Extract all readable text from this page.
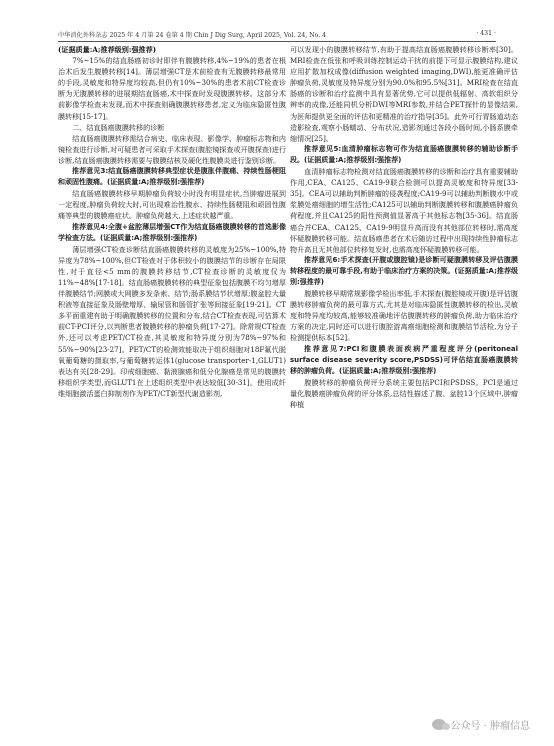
中华消化外科杂志 2025 年 4 月第 24 卷第 4 期 Chin J Dig Surg, April 2025, Vol. 24, No. 4	· 431 ·

(证据质量:A;推荐级别:强推荐)

7%~15%的结直肠癌初诊时即伴有腹膜转移,4%~19%的患者在根治术后发生腹膜转移[14]。薄层增强CT是术前检查有无腹膜转移最常用的手段,灵敏度和特异度均较高,但仍有10%~30%的患者术前CT检查诊断为无腹膜转移的进展期结直肠癌,术中探查时发现腹膜转移。这部分术前影像学检查未发现,而术中探查则确腹膜转移患者,定义为临床隐匿性腹膜转移[15-17]。

二、结直肠癌腹膜转移的诊断

结直肠癌腹膜转移需结合病史、临床表现、影像学、肿瘤标志物和内镜检查进行诊断,对可疑患者可采取手术探查(腹腔镜探查或开腹探查)进行诊断,结直肠癌腹膜转移需要与腹膜结核及硬化性腹膜炎进行鉴别诊断。

推荐意见3:结直肠癌腹膜转移典型症状是腹胀伴腹痛、持续性肠梗阻和顽固性腹痛。(证据质量:A;推荐级别:强推荐)

结直肠癌腹膜转移早期肿瘤负荷较小时没有明显症状,当肿瘤进展到一定程度,肿瘤负荷较大时,可出现难治性腹水、持续性肠梗阻和顽固性腹痛等典型的腹膜癌症状。肿瘤负荷越大,上述症状越严重。

推荐意见4:全腹+盆腔薄层增强CT作为结直肠癌腹膜转移的首选影像学检查方法。(证据质量:A;推荐级别:强推荐)

薄层增强CT检查诊断结直肠癌腹膜转移的灵敏度为25%~100%,特异度为78%~100%,但CT检查对于体积较小的腹膜结节的诊断存在局限性,对于直径<5 mm的腹膜转移结节,CT检查诊断的灵敏度仅为11%~48%[17-18]。结直肠癌腹膜转移的典型征象包括腹膜不均匀增厚伴腹膜结节;网膜或大网膜多发条索、结节;肠系膜结节状增厚;腹盆腔大量积液等直接征象及肠壁增厚、输尿管和肠管扩张等间接征象[19-21]。CT多平面重建有助于明确腹膜转移的位置和分布,结合CT检查表现,可估算术前CT-PCI评分,以判断患者腹膜转移的肿瘤负荷[17-27]。除常规CT检查外,还可以考虑PET/CT检查,其灵敏度和特异度分别为78%~97%和55%~90%[23-27]。PET/CT的检测效能取决于组织细胞对18F氟代脱氧葡萄糖的摄取率,与葡萄糖转运体1(glucose transporter-1,GLUT1)表达有关[28-29]。印戒细胞癌、黏液腺癌和低分化腺癌是常见的腹膜转移组织学类型,而GLUT1在上述组织类型中表达较低[30-31]。使用成纤维细胞激活蛋白抑制剂作为PET/CT新型代谢造影剂,

可以发现小的腹膜转移结节,有助于提高结直肠癌腹膜转移诊断率[30]。MRI检查在低张和呼吸训练控制运动干扰的前提下可显示腹膜结构,建议应用扩散加权成像(diffusion weighted imaging,DWI),能更准确评估肿瘤负荷,灵敏度及特异度分别为90.0%和95.5%[31]。MRI检查在结直肠癌的诊断和治疗监测中具有显著优势,它可以提供低辐射、高软组织分辨率的成像,还能同机分析DWI等MRI参数,并结合PET探针的显像结果,为医师提供更全面的评估和更精准的治疗指导[35]。此外可行胃肠道动态造影检查,观察小肠蠕动、分布状况,造影剂通过各段小肠时间,小肠系膜牵缩情况[25]。

推荐意见5:血清肿瘤标志物可作为结直肠癌腹膜转移的辅助诊断手段。(证据质量:A;推荐级别:强推荐)

血清肿瘤标志物检测对结直肠癌腹膜转移的诊断和治疗具有重要辅助作用,CEA、CA125、CA19-9联合检测可以提高灵敏度和特异度[33-35]。CEA可以辅助判断肿瘤的侵袭程度;CA19-9可以辅助判断腹水中或浆膜处癌细胞的增生活性;CA125可以辅助判断腹膜转移和腹膜癌肿瘤负荷程度,并且CA125的阳性预测值显著高于其他标志物[35-36]。结直肠癌合并CEA、CA125、CA19-9明显升高而没有其他部位转移时,需高度怀疑腹膜转移可能。结直肠癌患者在术后随访过程中出现持续性肿瘤标志物升高且无其他部位转移复发时,也需高度怀疑腹膜转移可能。

推荐意见6:手术探查(开腹或腹腔镜)是诊断可疑腹膜转移及评估腹膜转移程度的最可靠手段,有助于临床治疗方案的决策。(证据质量:A;推荐级别:强推荐)

腹膜转移早期常规影像学检出率低,手术探查(腹腔镜或开腹)是评估腹膜转移肿瘤负荷的最可靠方式,尤其是对临床隐匿性腹膜转移的检出,灵敏度和特异度均较高,能够较准确地评估腹膜转移的肿瘤负荷,助力临床治疗方案的决定,同时还可以进行腹腔游离癌细胞检测和腹膜结节活检,为分子检测提供标本[52]。

推荐意见7:PCI和腹膜表面疾病严重程度评分(peritoneal surface disease severity score,PSDSS)可评估结直肠癌腹膜转移的肿瘤负荷。(证据质量:A;推荐级别:强推荐)

腹膜转移的肿瘤负荷评分系统主要包括PCI和PSDSS。PCI是通过量化腹膜癌肿瘤负荷的评分体系,总结性描述了腹、盆腔13个区域中,肿瘤种植

公众号 · 肿瘤信息
